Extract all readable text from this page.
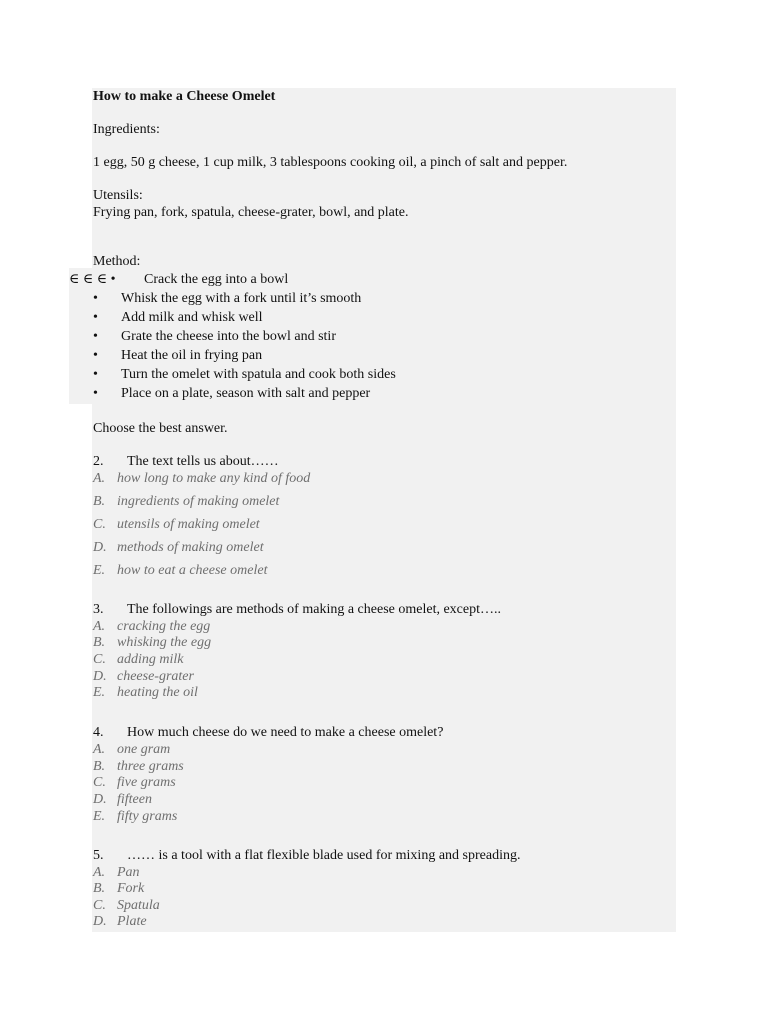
How to make a Cheese Omelet
Ingredients:
1 egg, 50 g cheese, 1 cup milk, 3 tablespoons cooking oil, a pinch of salt and pepper.
Utensils:
Frying pan, fork, spatula, cheese-grater, bowl, and plate.
Method:
∈ ∈ ∈ • Crack the egg into a bowl
• Whisk the egg with a fork until it’s smooth
• Add milk and whisk well
• Grate the cheese into the bowl and stir
• Heat the oil in frying pan
• Turn the omelet with spatula and cook both sides
• Place on a plate, season with salt and pepper
Choose the best answer.
2. The text tells us about……
A. how long to make any kind of food
B. ingredients of making omelet
C. utensils of making omelet
D. methods of making omelet
E. how to eat a cheese omelet
3. The followings are methods of making a cheese omelet, except…..
A. cracking the egg
B. whisking the egg
C. adding milk
D. cheese-grater
E. heating the oil
4. How much cheese do we need to make a cheese omelet?
A. one gram
B. three grams
C. five grams
D. fifteen
E. fifty grams
5. …… is a tool with a flat flexible blade used for mixing and spreading.
A. Pan
B. Fork
C. Spatula
D. Plate
